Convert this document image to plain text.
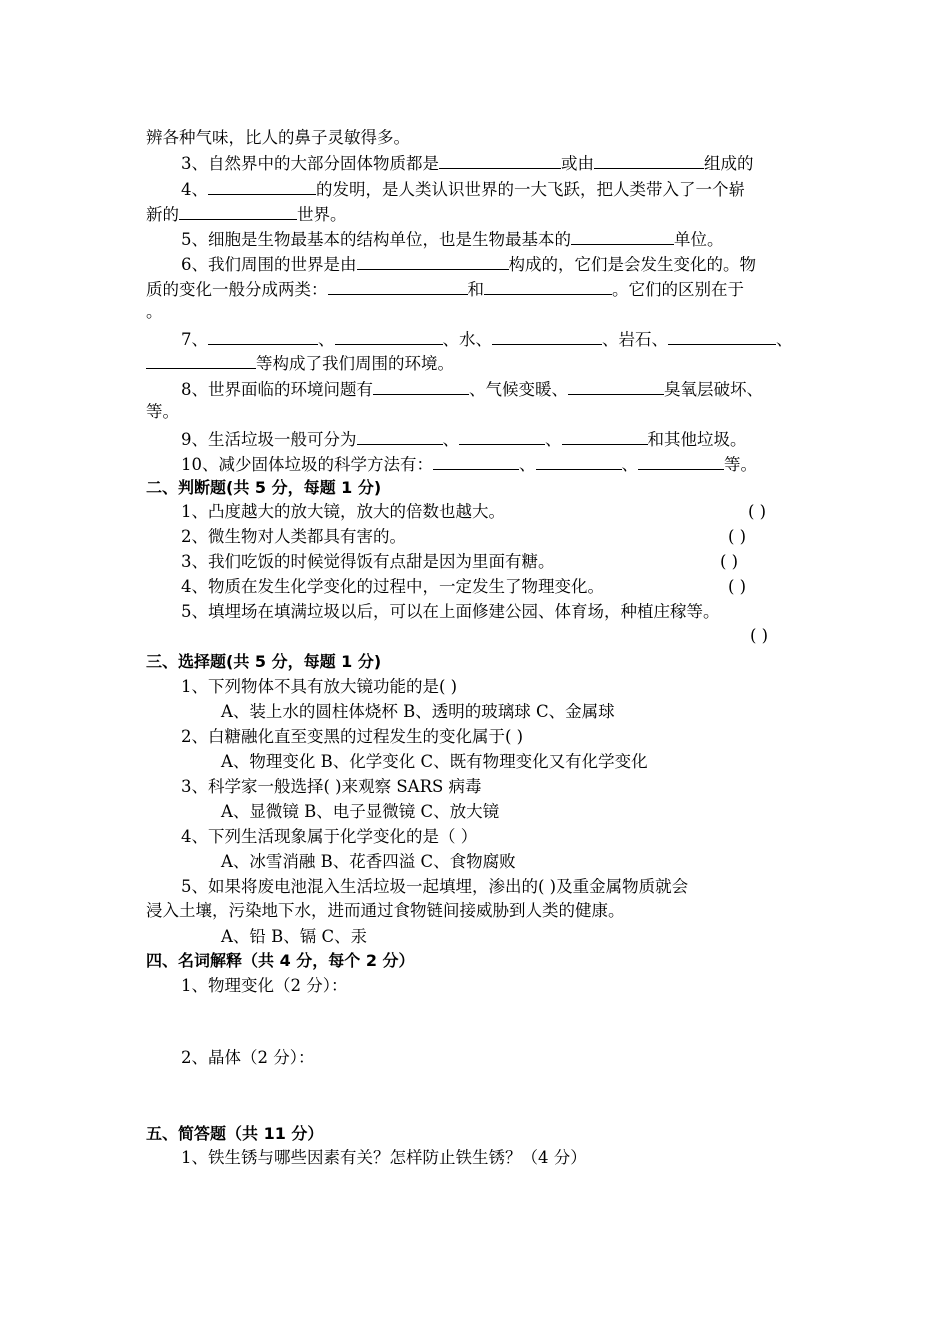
辨各种气味，比人的鼻子灵敏得多。
3、自然界中的大部分固体物质都是	或由	组成的
4、	的发明，是人类认识世界的一大飞跃，把人类带入了一个崭
新的	世界。
5、细胞是生物最基本的结构单位，也是生物最基本的	单位。
6、我们周围的世界是由	构成的，它们是会发生变化的。物
质的变化一般分成两类：	和	。它们的区别在于
。
7、	、	、水、	、岩石、	、
等构成了我们周围的环境。
8、世界面临的环境问题有	、气候变暖、	臭氧层破坏、
等。
9、生活垃圾一般可分为	、	、	和其他垃圾。
10、减少固体垃圾的科学方法有：	、	、	等。
二、判断题(共 5 分，每题 1 分)
1、凸度越大的放大镜，放大的倍数也越大。	( )
2、微生物对人类都具有害的。	( )
3、我们吃饭的时候觉得饭有点甜是因为里面有糖。	( )
4、物质在发生化学变化的过程中，一定发生了物理变化。	( )
5、填埋场在填满垃圾以后，可以在上面修建公园、体育场，种植庄稼等。
( )
三、选择题(共 5 分，每题 1 分)
1、下列物体不具有放大镜功能的是( )
A、装上水的圆柱体烧杯 B、透明的玻璃球 C、金属球
2、白糖融化直至变黑的过程发生的变化属于( )
A、物理变化 B、化学变化 C、既有物理变化又有化学变化
3、科学家一般选择( )来观察 SARS 病毒
A、显微镜 B、电子显微镜 C、放大镜
4、下列生活现象属于化学变化的是（ ）
A、冰雪消融 B、花香四溢 C、食物腐败
5、如果将废电池混入生活垃圾一起填埋，渗出的( )及重金属物质就会
浸入土壤，污染地下水，进而通过食物链间接威胁到人类的健康。
A、铅 B、镉 C、汞
四、名词解释（共 4 分，每个 2 分）
1、物理变化（2 分）：
2、晶体（2 分）：
五、简答题（共 11 分）
1、铁生锈与哪些因素有关？怎样防止铁生锈？（4 分）
